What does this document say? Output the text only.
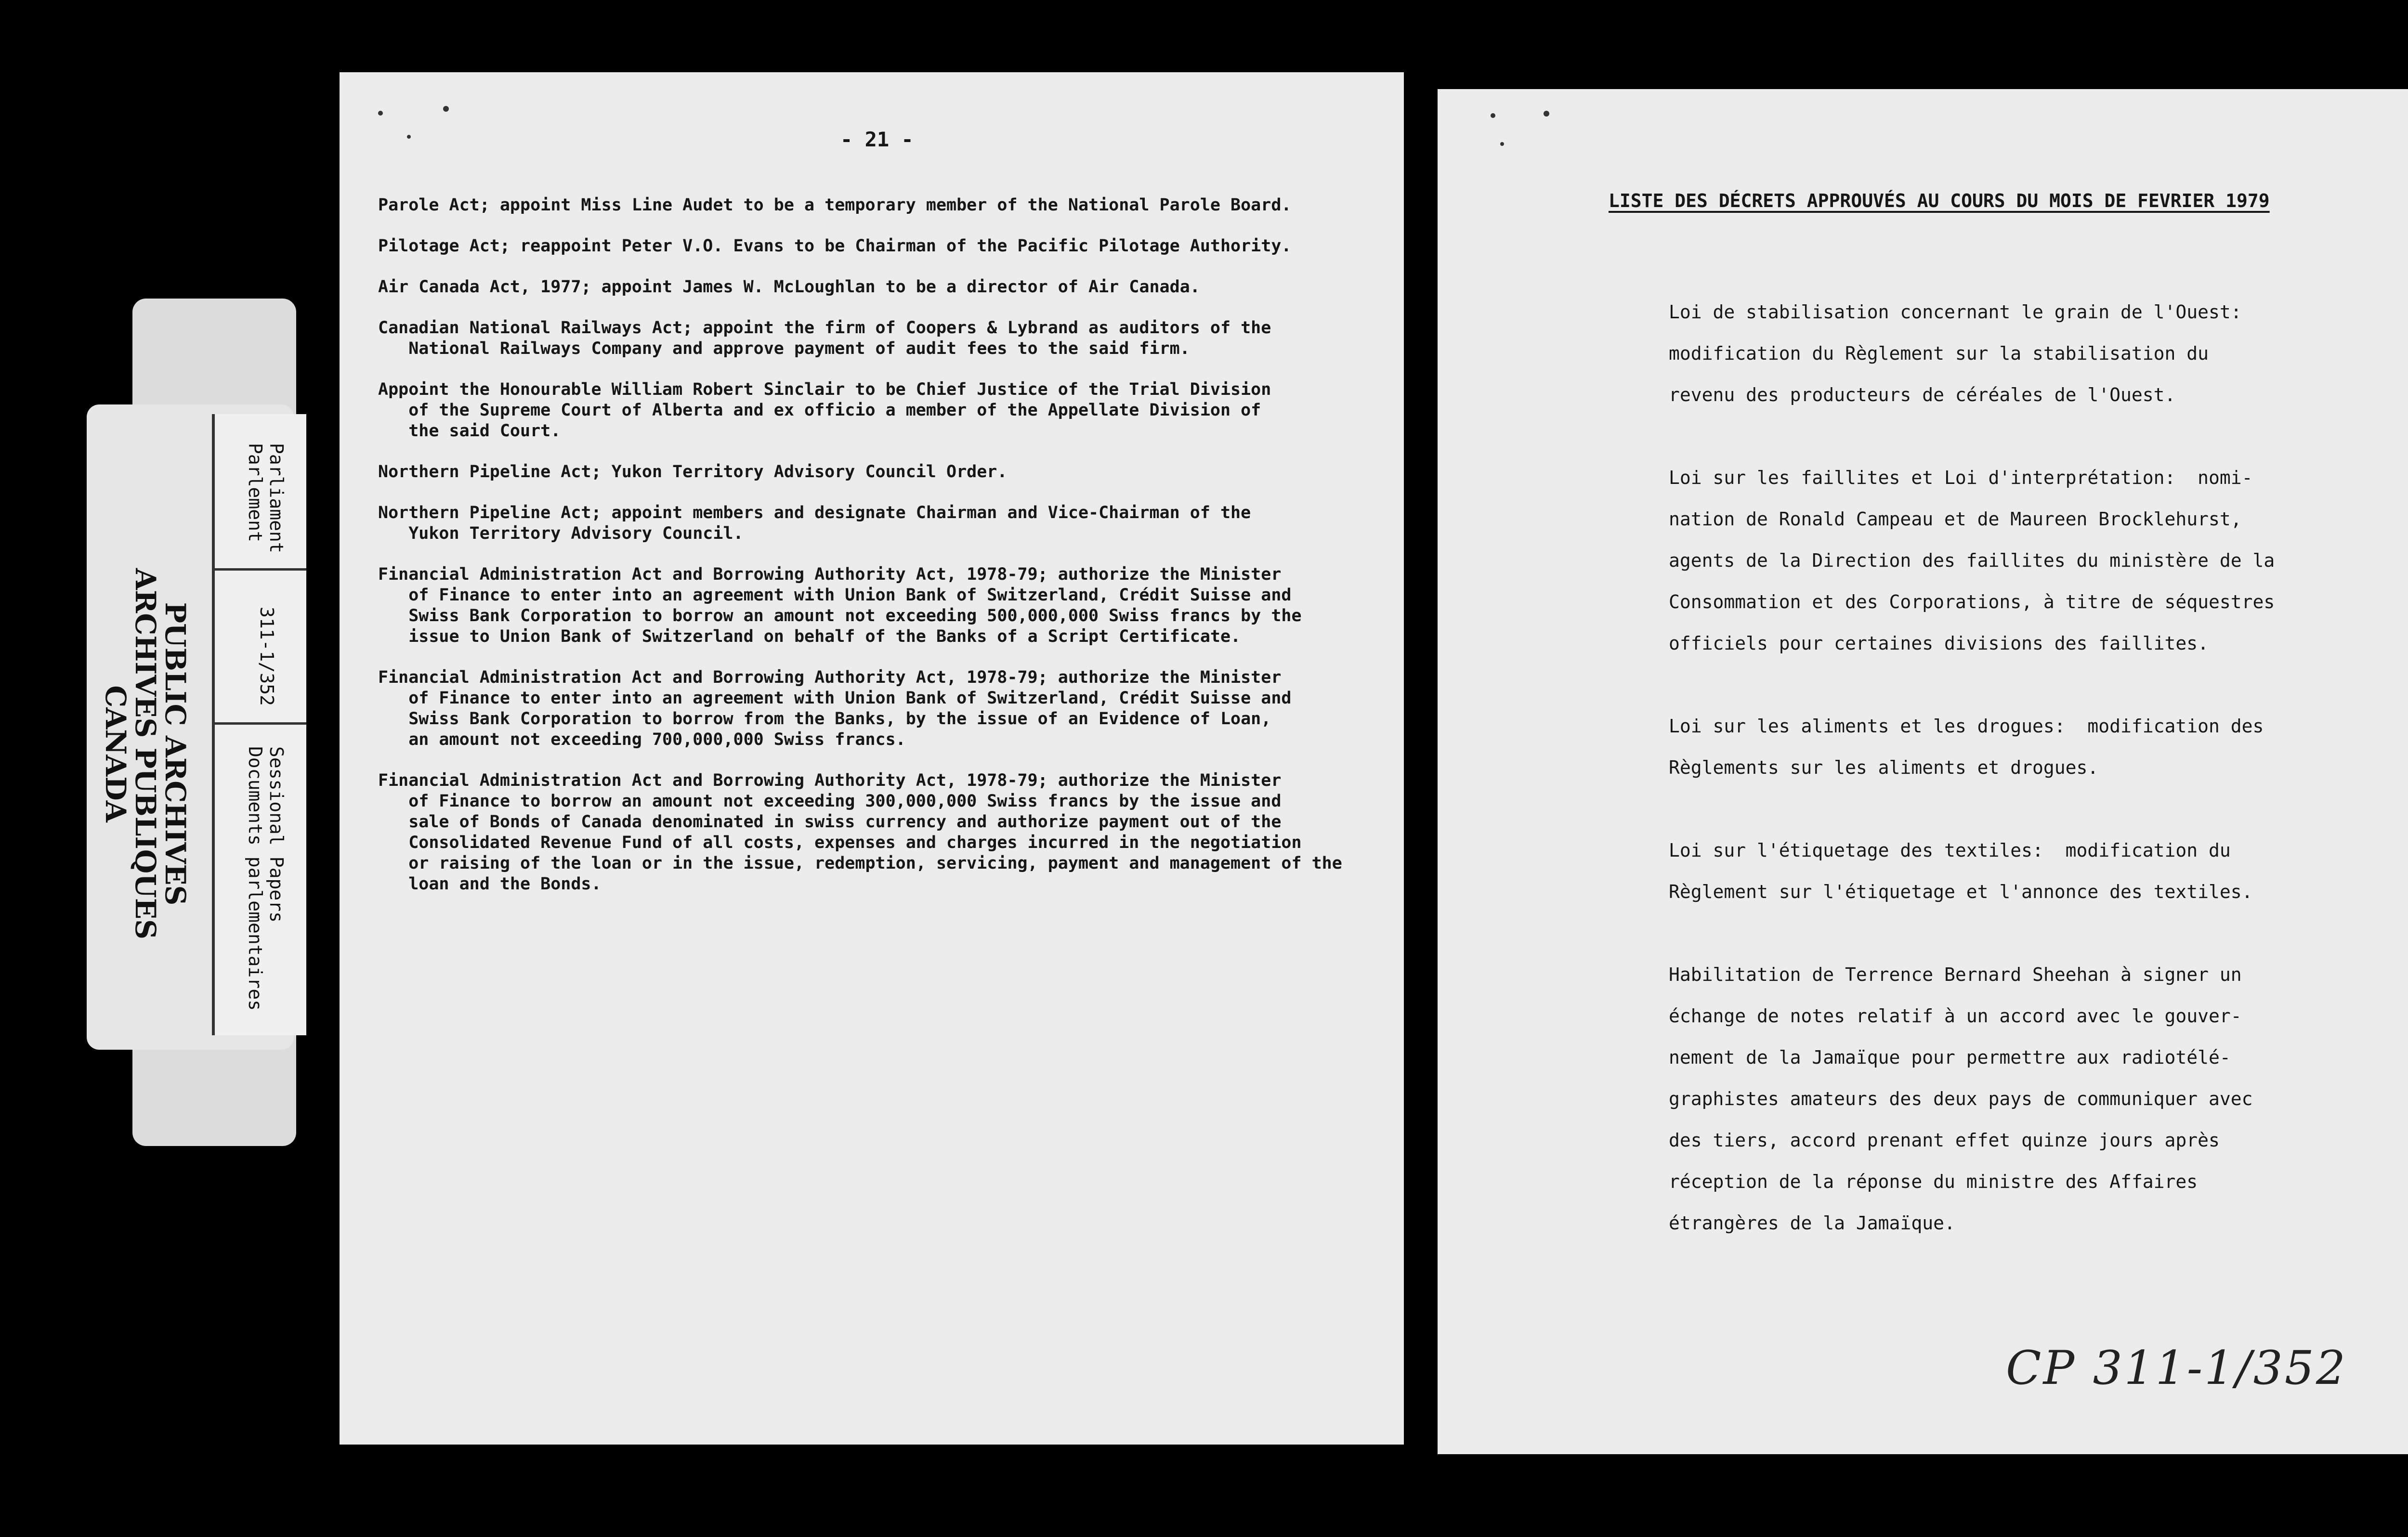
PUBLIC ARCHIVES
ARCHIVES PUBLIQUES
CANADA
Parliament
Parlement
311-1/352
Sessional Papers
Documents parlementaires
- 21 -
Parole Act; appoint Miss Line Audet to be a temporary member of the National Parole Board.
Pilotage Act; reappoint Peter V.O. Evans to be Chairman of the Pacific Pilotage Authority.
Air Canada Act, 1977; appoint James W. McLoughlan to be a director of Air Canada.
Canadian National Railways Act; appoint the firm of Coopers & Lybrand as auditors of the
National Railways Company and approve payment of audit fees to the said firm.
Appoint the Honourable William Robert Sinclair to be Chief Justice of the Trial Division
of the Supreme Court of Alberta and ex officio a member of the Appellate Division of
the said Court.
Northern Pipeline Act; Yukon Territory Advisory Council Order.
Northern Pipeline Act; appoint members and designate Chairman and Vice-Chairman of the
Yukon Territory Advisory Council.
Financial Administration Act and Borrowing Authority Act, 1978-79; authorize the Minister
of Finance to enter into an agreement with Union Bank of Switzerland, Crédit Suisse and
Swiss Bank Corporation to borrow an amount not exceeding 500,000,000 Swiss francs by the
issue to Union Bank of Switzerland on behalf of the Banks of a Script Certificate.
Financial Administration Act and Borrowing Authority Act, 1978-79; authorize the Minister
of Finance to enter into an agreement with Union Bank of Switzerland, Crédit Suisse and
Swiss Bank Corporation to borrow from the Banks, by the issue of an Evidence of Loan,
an amount not exceeding 700,000,000 Swiss francs.
Financial Administration Act and Borrowing Authority Act, 1978-79; authorize the Minister
of Finance to borrow an amount not exceeding 300,000,000 Swiss francs by the issue and
sale of Bonds of Canada denominated in swiss currency and authorize payment out of the
Consolidated Revenue Fund of all costs, expenses and charges incurred in the negotiation
or raising of the loan or in the issue, redemption, servicing, payment and management of the
loan and the Bonds.
LISTE DES DÉCRETS APPROUVÉS AU COURS DU MOIS DE FEVRIER 1979
Loi de stabilisation concernant le grain de l'Ouest:
modification du Règlement sur la stabilisation du
revenu des producteurs de céréales de l'Ouest.
Loi sur les faillites et Loi d'interprétation:  nomi-
nation de Ronald Campeau et de Maureen Brocklehurst,
agents de la Direction des faillites du ministère de la
Consommation et des Corporations, à titre de séquestres
officiels pour certaines divisions des faillites.
Loi sur les aliments et les drogues:  modification des
Règlements sur les aliments et drogues.
Loi sur l'étiquetage des textiles:  modification du
Règlement sur l'étiquetage et l'annonce des textiles.
Habilitation de Terrence Bernard Sheehan à signer un
échange de notes relatif à un accord avec le gouver-
nement de la Jamaïque pour permettre aux radiotélé-
graphistes amateurs des deux pays de communiquer avec
des tiers, accord prenant effet quinze jours après
réception de la réponse du ministre des Affaires
étrangères de la Jamaïque.
CP 311-1/352
